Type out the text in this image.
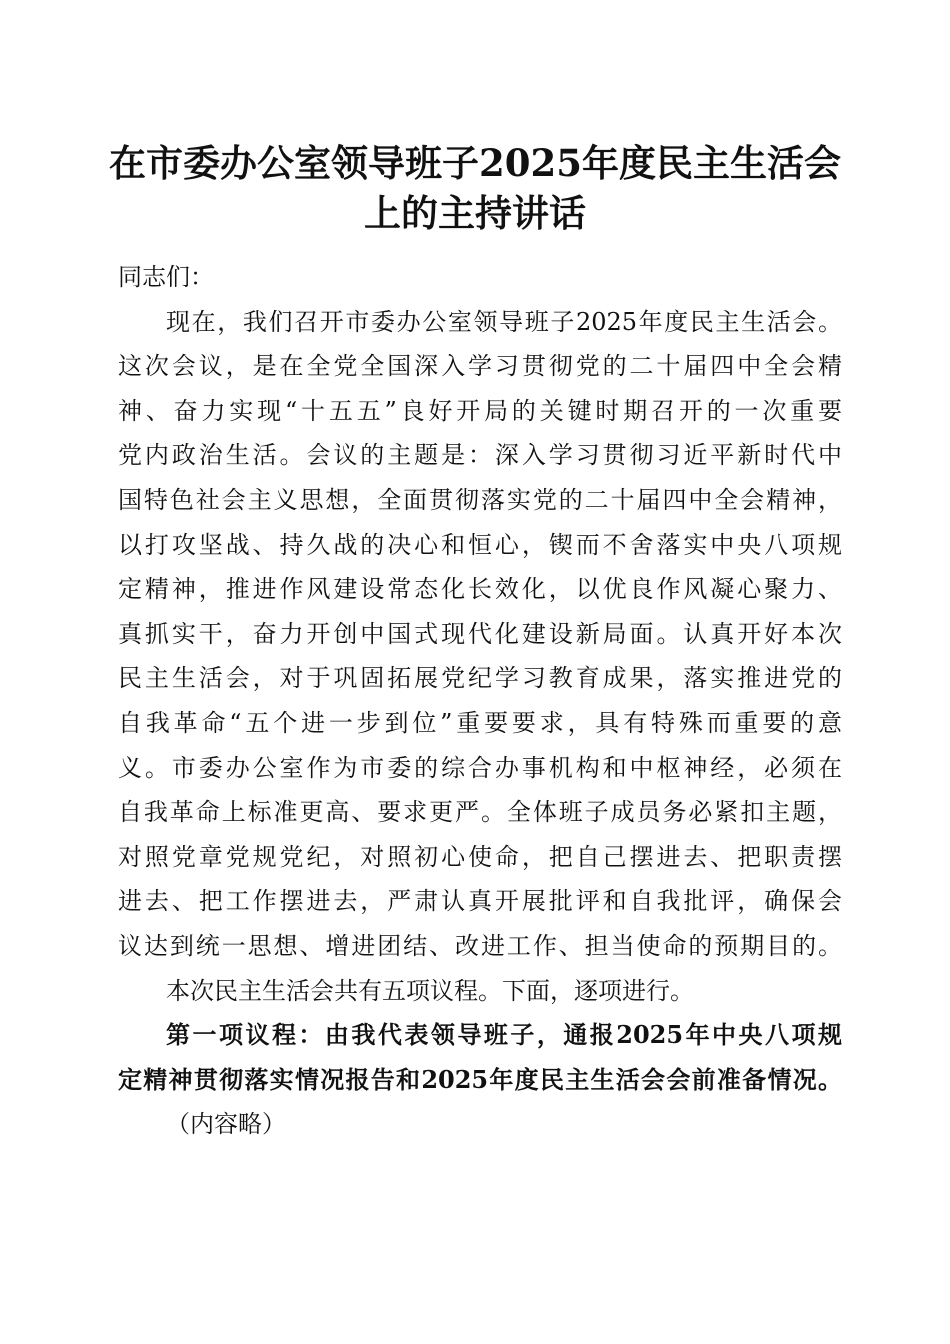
在市委办公室领导班子2025年度民主生活会
上的主持讲话
同志们：
现在，我们召开市委办公室领导班子2025年度民主生活会。
这次会议，是在全党全国深入学习贯彻党的二十届四中全会精
神、奋力实现“十五五”良好开局的关键时期召开的一次重要
党内政治生活。会议的主题是：深入学习贯彻习近平新时代中
国特色社会主义思想，全面贯彻落实党的二十届四中全会精神，
以打攻坚战、持久战的决心和恒心，锲而不舍落实中央八项规
定精神，推进作风建设常态化长效化，以优良作风凝心聚力、
真抓实干，奋力开创中国式现代化建设新局面。认真开好本次
民主生活会，对于巩固拓展党纪学习教育成果，落实推进党的
自我革命“五个进一步到位”重要要求，具有特殊而重要的意
义。市委办公室作为市委的综合办事机构和中枢神经，必须在
自我革命上标准更高、要求更严。全体班子成员务必紧扣主题，
对照党章党规党纪，对照初心使命，把自己摆进去、把职责摆
进去、把工作摆进去，严肃认真开展批评和自我批评，确保会
议达到统一思想、增进团结、改进工作、担当使命的预期目的。
本次民主生活会共有五项议程。下面，逐项进行。
第一项议程：由我代表领导班子，通报2025年中央八项规
定精神贯彻落实情况报告和2025年度民主生活会会前准备情况。
（内容略）
